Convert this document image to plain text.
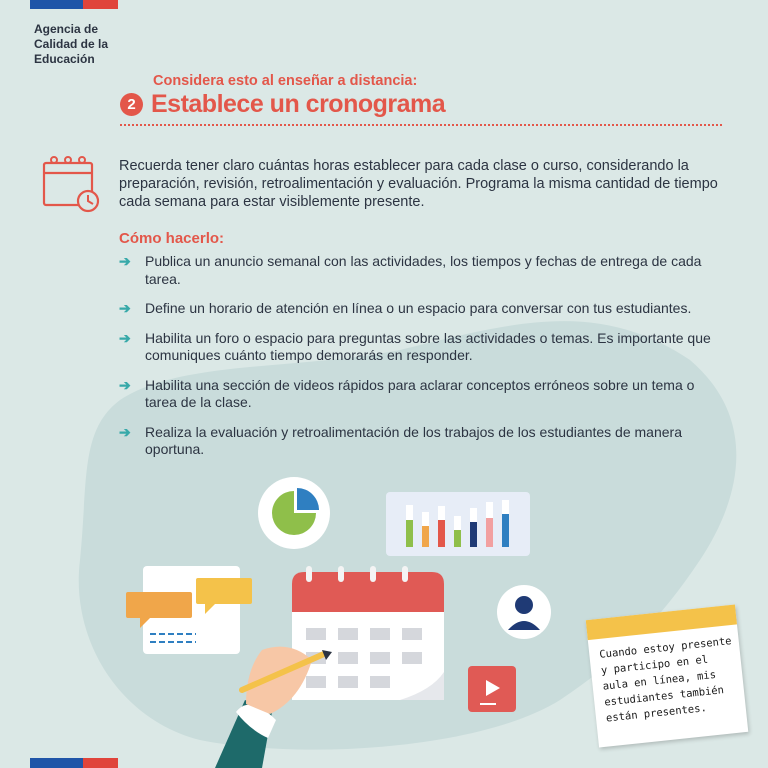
Agencia de Calidad de la Educación
Considera esto al enseñar a distancia:
2 Establece un cronograma
Recuerda tener claro cuántas horas establecer para cada clase o curso, considerando la preparación, revisión, retroalimentación y evaluación. Programa la misma cantidad de tiempo cada semana para estar visiblemente presente.
Cómo hacerlo:
➔	Publica un anuncio semanal con las actividades, los tiempos y fechas de entrega de cada tarea.
➔	Define un horario de atención en línea o un espacio para conversar con tus estudiantes.
➔	Habilita un foro o espacio para preguntas sobre las actividades o temas. Es importante que comuniques cuánto tiempo demorarás en responder.
➔	Habilita una sección de videos rápidos para aclarar conceptos erróneos sobre un tema o tarea de la clase.
➔	Realiza la evaluación y retroalimentación de los trabajos de los estudiantes de manera oportuna.
Cuando estoy presente y participo en el aula en línea, mis estudiantes también están presentes.
